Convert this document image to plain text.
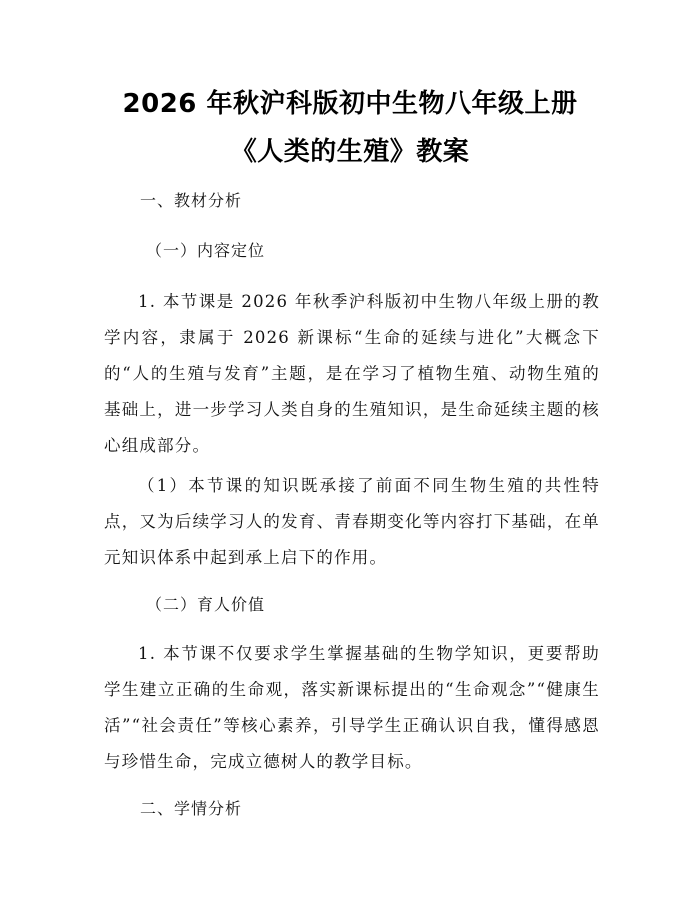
2026 年秋沪科版初中生物八年级上册《人类的生殖》教案

一、教材分析

（一）内容定位

1. 本节课是 2026 年秋季沪科版初中生物八年级上册的教学内容，隶属于 2026 新课标“生命的延续与进化”大概念下的“人的生殖与发育”主题，是在学习了植物生殖、动物生殖的基础上，进一步学习人类自身的生殖知识，是生命延续主题的核心组成部分。

（1）本节课的知识既承接了前面不同生物生殖的共性特点，又为后续学习人的发育、青春期变化等内容打下基础，在单元知识体系中起到承上启下的作用。

（二）育人价值

1. 本节课不仅要求学生掌握基础的生物学知识，更要帮助学生建立正确的生命观，落实新课标提出的“生命观念”“健康生活”“社会责任”等核心素养，引导学生正确认识自我，懂得感恩与珍惜生命，完成立德树人的教学目标。

二、学情分析
